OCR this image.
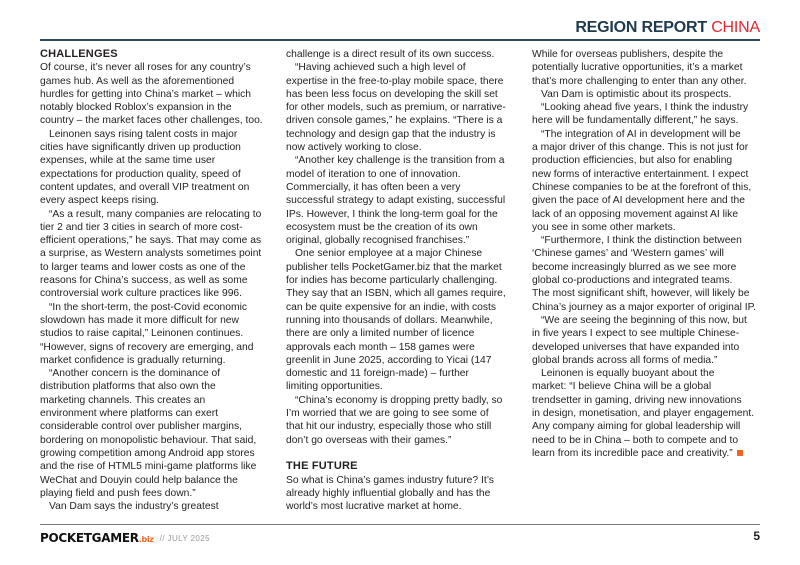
REGION REPORT CHINA
CHALLENGES
Of course, it’s never all roses for any country’s
games hub. As well as the aforementioned
hurdles for getting into China’s market – which
notably blocked Roblox’s expansion in the
country – the market faces other challenges, too.
Leinonen says rising talent costs in major
cities have significantly driven up production
expenses, while at the same time user
expectations for production quality, speed of
content updates, and overall VIP treatment on
every aspect keeps rising.
“As a result, many companies are relocating to
tier 2 and tier 3 cities in search of more cost-
efficient operations,” he says. That may come as
a surprise, as Western analysts sometimes point
to larger teams and lower costs as one of the
reasons for China’s success, as well as some
controversial work culture practices like 996.
“In the short-term, the post-Covid economic
slowdown has made it more difficult for new
studios to raise capital,” Leinonen continues.
“However, signs of recovery are emerging, and
market confidence is gradually returning.
“Another concern is the dominance of
distribution platforms that also own the
marketing channels. This creates an
environment where platforms can exert
considerable control over publisher margins,
bordering on monopolistic behaviour. That said,
growing competition among Android app stores
and the rise of HTML5 mini-game platforms like
WeChat and Douyin could help balance the
playing field and push fees down.”
Van Dam says the industry’s greatest
challenge is a direct result of its own success.
“Having achieved such a high level of
expertise in the free-to-play mobile space, there
has been less focus on developing the skill set
for other models, such as premium, or narrative-
driven console games,” he explains. “There is a
technology and design gap that the industry is
now actively working to close.
“Another key challenge is the transition from a
model of iteration to one of innovation.
Commercially, it has often been a very
successful strategy to adapt existing, successful
IPs. However, I think the long-term goal for the
ecosystem must be the creation of its own
original, globally recognised franchises.”
One senior employee at a major Chinese
publisher tells PocketGamer.biz that the market
for indies has become particularly challenging.
They say that an ISBN, which all games require,
can be quite expensive for an indie, with costs
running into thousands of dollars. Meanwhile,
there are only a limited number of licence
approvals each month – 158 games were
greenlit in June 2025, according to Yicai (147
domestic and 11 foreign-made) – further
limiting opportunities.
“China’s economy is dropping pretty badly, so
I’m worried that we are going to see some of
that hit our industry, especially those who still
don’t go overseas with their games.”
THE FUTURE
So what is China’s games industry future? It’s
already highly influential globally and has the
world’s most lucrative market at home.
While for overseas publishers, despite the
potentially lucrative opportunities, it’s a market
that’s more challenging to enter than any other.
Van Dam is optimistic about its prospects.
“Looking ahead five years, I think the industry
here will be fundamentally different,” he says.
“The integration of AI in development will be
a major driver of this change. This is not just for
production efficiencies, but also for enabling
new forms of interactive entertainment. I expect
Chinese companies to be at the forefront of this,
given the pace of AI development here and the
lack of an opposing movement against AI like
you see in some other markets.
“Furthermore, I think the distinction between
‘Chinese games’ and ‘Western games’ will
become increasingly blurred as we see more
global co-productions and integrated teams.
The most significant shift, however, will likely be
China’s journey as a major exporter of original IP.
“We are seeing the beginning of this now, but
in five years I expect to see multiple Chinese-
developed universes that have expanded into
global brands across all forms of media.”
Leinonen is equally buoyant about the
market: “I believe China will be a global
trendsetter in gaming, driving new innovations
in design, monetisation, and player engagement.
Any company aiming for global leadership will
need to be in China – both to compete and to
learn from its incredible pace and creativity.”
POCKETGAMER.biz // JULY 2025	5
